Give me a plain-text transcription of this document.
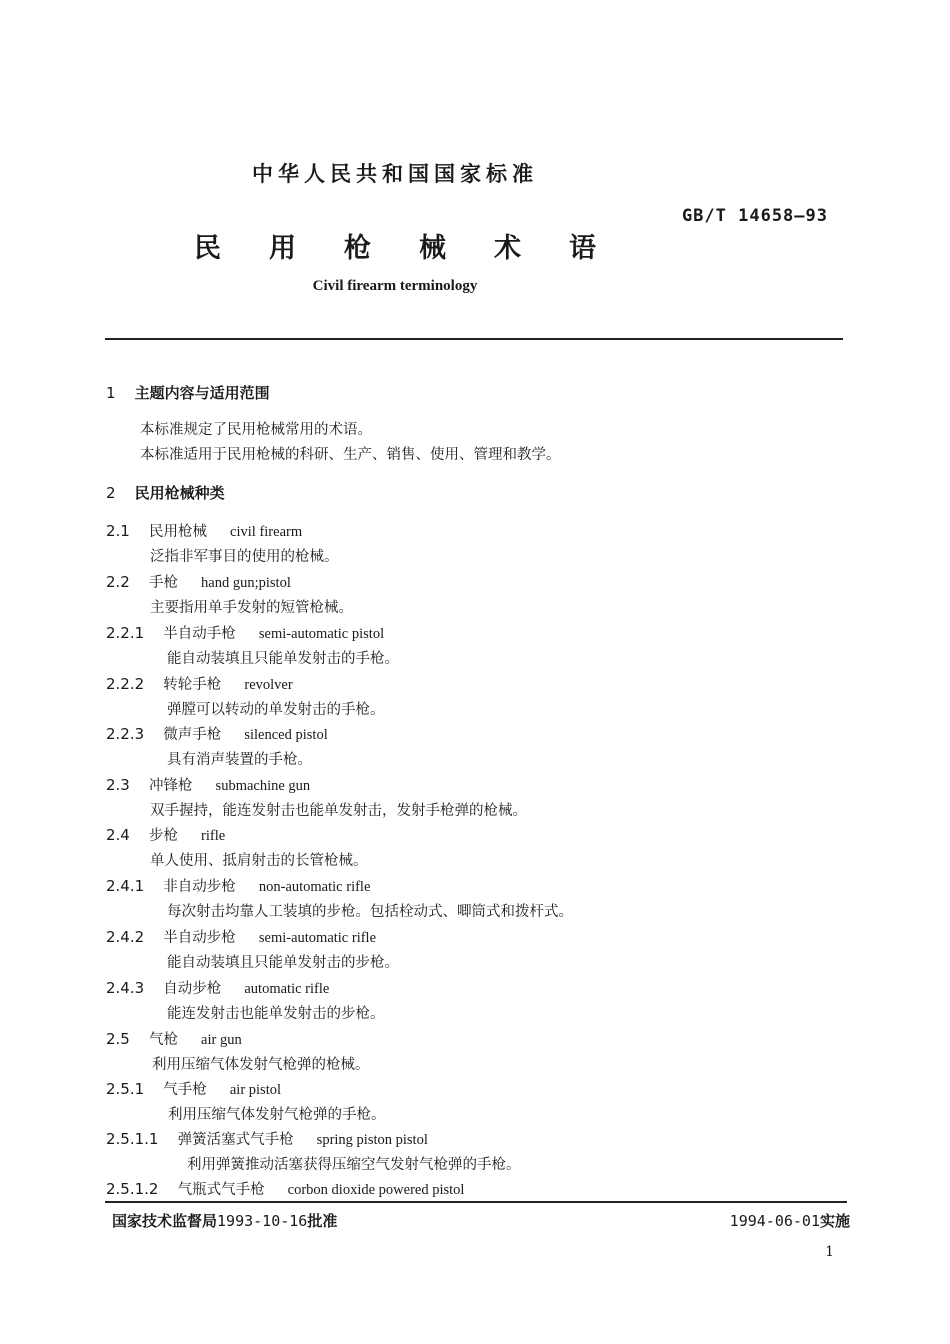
中华人民共和国国家标准
GB/T 14658—93
民用枪械术语
Civil firearm terminology
1 主题内容与适用范围
本标准规定了民用枪械常用的术语。
本标准适用于民用枪械的科研、生产、销售、使用、管理和教学。
2 民用枪械种类
2.1 民用枪械 civil firearm
泛指非军事目的使用的枪械。
2.2 手枪 hand gun;pistol
主要指用单手发射的短管枪械。
2.2.1 半自动手枪 semi-automatic pistol
能自动装填且只能单发射击的手枪。
2.2.2 转轮手枪 revolver
弹膛可以转动的单发射击的手枪。
2.2.3 微声手枪 silenced pistol
具有消声装置的手枪。
2.3 冲锋枪 submachine gun
双手握持，能连发射击也能单发射击，发射手枪弹的枪械。
2.4 步枪 rifle
单人使用、抵肩射击的长管枪械。
2.4.1 非自动步枪 non-automatic rifle
每次射击均靠人工装填的步枪。包括栓动式、唧筒式和拨杆式。
2.4.2 半自动步枪 semi-automatic rifle
能自动装填且只能单发射击的步枪。
2.4.3 自动步枪 automatic rifle
能连发射击也能单发射击的步枪。
2.5 气枪 air gun
利用压缩气体发射气枪弹的枪械。
2.5.1 气手枪 air pistol
利用压缩气体发射气枪弹的手枪。
2.5.1.1 弹簧活塞式气手枪 spring piston pistol
利用弹簧推动活塞获得压缩空气发射气枪弹的手枪。
2.5.1.2 气瓶式气手枪 corbon dioxide powered pistol
国家技术监督局1993-10-16批准	1994-06-01实施
1
